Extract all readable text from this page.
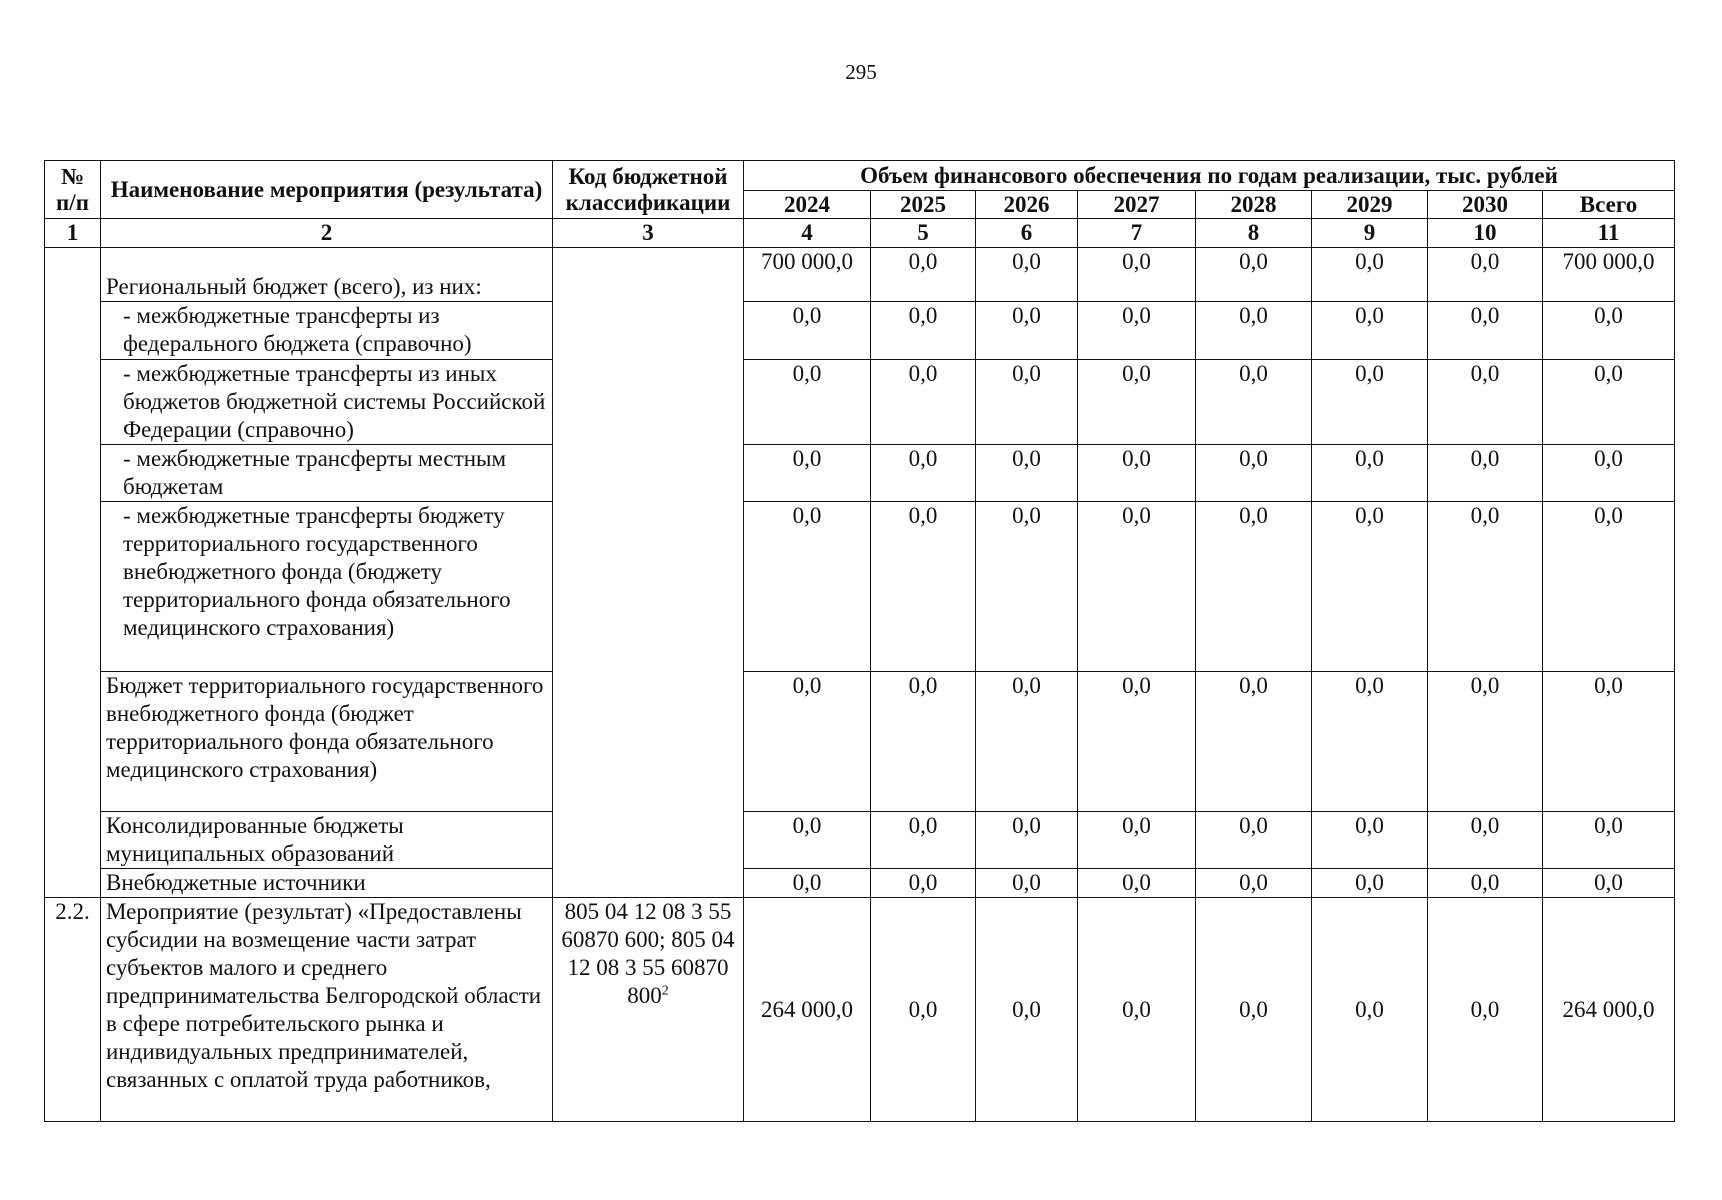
295
№ п/п	Наименование мероприятия (результата)	Код бюджетной классификации	Объем финансового обеспечения по годам реализации, тыс. рублей							
			2024	2025	2026	2027	2028	2029	2030	Всего
1	2	3	4	5	6	7	8	9	10	11
	Региональный бюджет (всего), из них:		700 000,0	0,0	0,0	0,0	0,0	0,0	0,0	700 000,0
	- межбюджетные трансферты из федерального бюджета (справочно)		0,0	0,0	0,0	0,0	0,0	0,0	0,0	0,0
	- межбюджетные трансферты из иных бюджетов бюджетной системы Российской Федерации (справочно)		0,0	0,0	0,0	0,0	0,0	0,0	0,0	0,0
	- межбюджетные трансферты местным бюджетам		0,0	0,0	0,0	0,0	0,0	0,0	0,0	0,0
	- межбюджетные трансферты бюджету территориального государственного внебюджетного фонда (бюджету территориального фонда обязательного медицинского страхования)		0,0	0,0	0,0	0,0	0,0	0,0	0,0	0,0
	Бюджет территориального государственного внебюджетного фонда (бюджет территориального фонда обязательного медицинского страхования)		0,0	0,0	0,0	0,0	0,0	0,0	0,0	0,0
	Консолидированные бюджеты муниципальных образований		0,0	0,0	0,0	0,0	0,0	0,0	0,0	0,0
	Внебюджетные источники		0,0	0,0	0,0	0,0	0,0	0,0	0,0	0,0
2.2.	Мероприятие (результат) «Предоставлены субсидии на возмещение части затрат субъектов малого и среднего предпринимательства Белгородской области в сфере потребительского рынка и индивидуальных предпринимателей, связанных с оплатой труда работников,	805 04 12 08 3 55 60870 600; 805 04 12 08 3 55 60870 $800^2$	264 000,0	0,0	0,0	0,0	0,0	0,0	0,0	264 000,0
